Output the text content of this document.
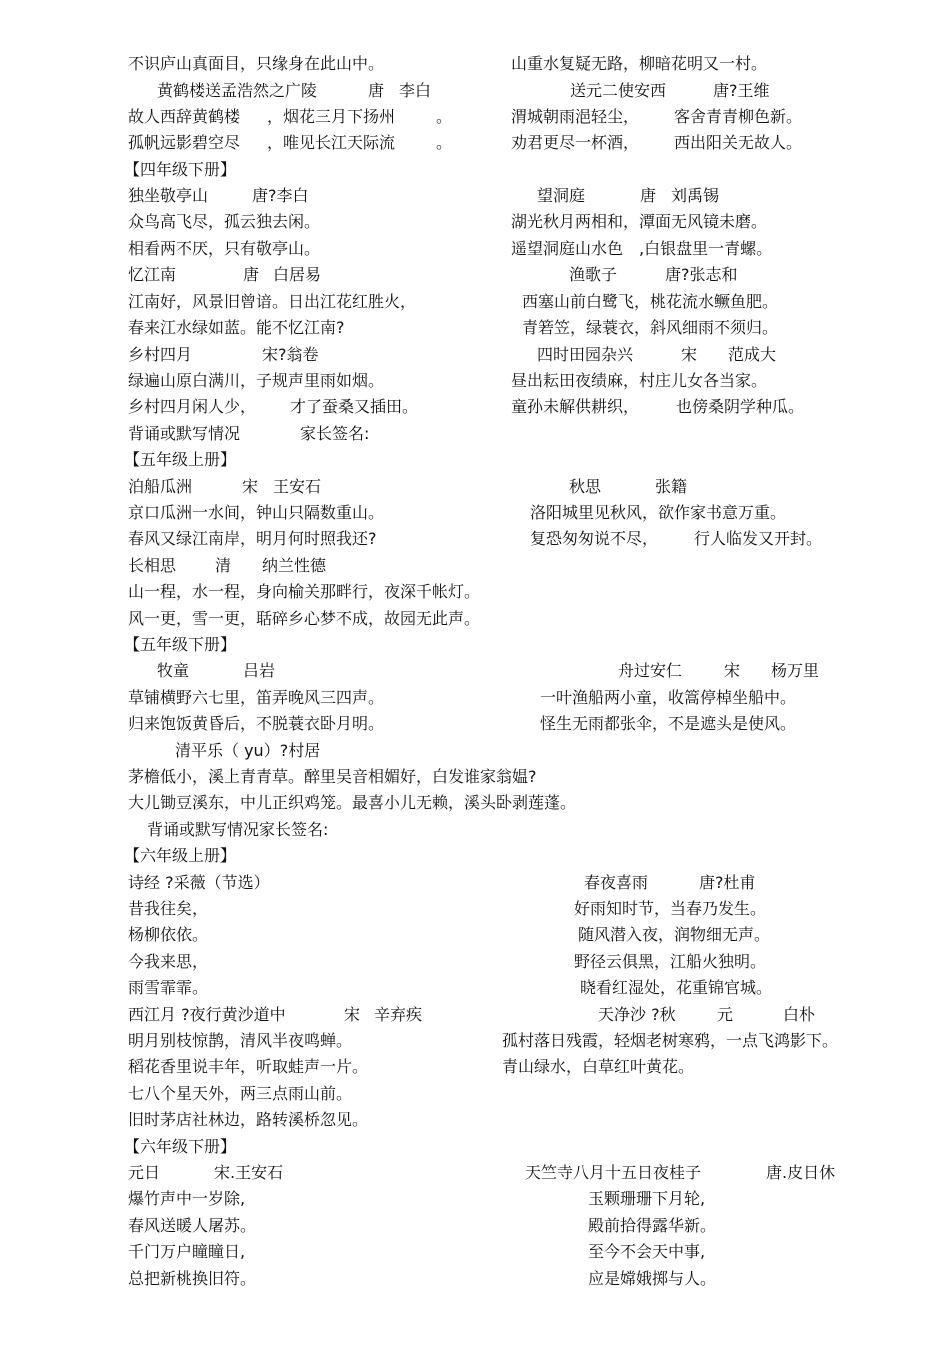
不识庐山真面目，只缘身在此山中。	山重水复疑无路，柳暗花明又一村。
黄鹤楼送孟浩然之广陵	唐 李白	送元二使安西	唐?王维
故人西辞黄鹤楼 ，烟花三月下扬州	。	渭城朝雨浥轻尘， 客舍青青柳色新。
孤帆远影碧空尽 ，唯见长江天际流	。	劝君更尽一杯酒， 西出阳关无故人。
【四年级下册】
独坐敬亭山	唐?李白	望洞庭	唐 刘禹锡
众鸟高飞尽，孤云独去闲。	湖光秋月两相和，潭面无风镜未磨。
相看两不厌，只有敬亭山。	遥望洞庭山水色 ,白银盘里一青螺。
忆江南	唐 白居易	渔歌子	唐?张志和
江南好，风景旧曾谙。日出江花红胜火，	西塞山前白鹭飞，桃花流水鳜鱼肥。
春来江水绿如蓝。能不忆江南?	青箬笠，绿蓑衣，斜风细雨不须归。
乡村四月	宋?翁卷	四时田园杂兴	宋 范成大
绿遍山原白满川，子规声里雨如烟。	昼出耘田夜绩麻，村庄儿女各当家。
乡村四月闲人少， 才了蚕桑又插田。	童孙未解供耕织， 也傍桑阴学种瓜。
背诵或默写情况	家长签名:
【五年级上册】
泊船瓜洲	宋 王安石	秋思	张籍
京口瓜洲一水间，钟山只隔数重山。	洛阳城里见秋风，欲作家书意万重。
春风又绿江南岸，明月何时照我还?	复恐匆匆说不尽， 行人临发又开封。
长相思 清 纳兰性德
山一程，水一程，身向榆关那畔行，夜深千帐灯。
风一更，雪一更，聒碎乡心梦不成，故园无此声。
【五年级下册】
牧童	吕岩	舟过安仁	宋 杨万里
草铺横野六七里，笛弄晚风三四声。	一叶渔船两小童，收篙停棹坐船中。
归来饱饭黄昏后，不脱蓑衣卧月明。	怪生无雨都张伞，不是遮头是使风。
清平乐（ yu）?村居
茅檐低小，溪上青青草。醉里吴音相媚好，白发谁家翁媪?
大儿锄豆溪东，中儿正织鸡笼。最喜小儿无赖，溪头卧剥莲蓬。
背诵或默写情况家长签名:
【六年级上册】
诗经 ?采薇（节选）	春夜喜雨	唐?杜甫
昔我往矣，	好雨知时节，当春乃发生。
杨柳依依。	随风潜入夜，润物细无声。
今我来思，	野径云俱黑，江船火独明。
雨雪霏霏。	晓看红湿处，花重锦官城。
西江月 ?夜行黄沙道中	宋 辛弃疾	天净沙 ?秋	元	白朴
明月别枝惊鹊，清风半夜鸣蝉。	孤村落日残霞，轻烟老树寒鸦，一点飞鸿影下。
稻花香里说丰年，听取蛙声一片。	青山绿水，白草红叶黄花。
七八个星天外，两三点雨山前。
旧时茅店社林边，路转溪桥忽见。
【六年级下册】
元日	宋.王安石	天竺寺八月十五日夜桂子	唐.皮日休
爆竹声中一岁除,	玉颗珊珊下月轮,
春风送暖人屠苏。	殿前拾得露华新。
千门万户瞳瞳日,	至今不会天中事,
总把新桃换旧符。	应是嫦娥掷与人。
